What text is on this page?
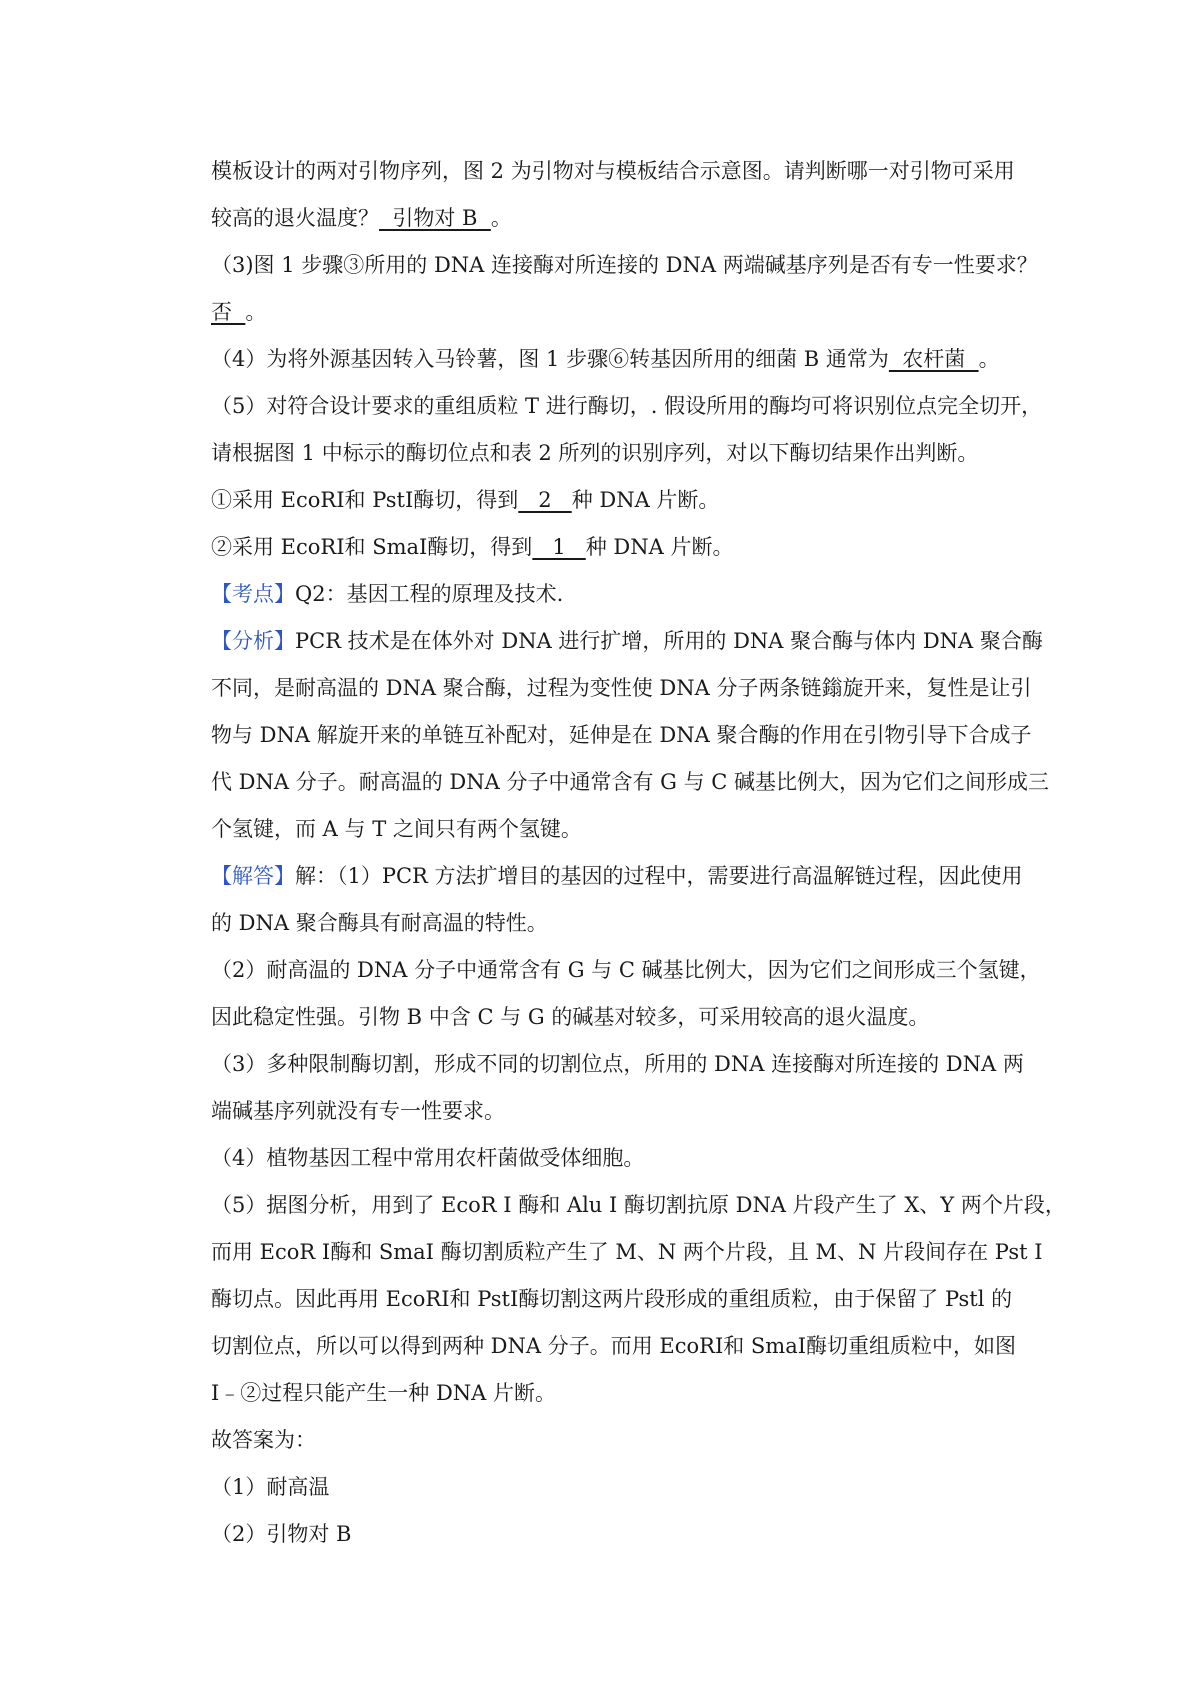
模板设计的两对引物序列，图 2 为引物对与模板结合示意图。请判断哪一对引物可采用
较高的退火温度？  引物对 B  。
（3)图 1 步骤③所用的 DNA 连接酶对所连接的 DNA 两端碱基序列是否有专一性要求？
否  。
（4）为将外源基因转入马铃薯，图 1 步骤⑥转基因所用的细菌 B 通常为  农杆菌  。
（5）对符合设计要求的重组质粒 T 进行酶切，. 假设所用的酶均可将识别位点完全切开，
请根据图 1 中标示的酶切位点和表 2 所列的识别序列，对以下酶切结果作出判断。
①采用 EcoRⅠ和 PstⅠ酶切，得到   2   种 DNA 片断。
②采用 EcoRⅠ和 SmaⅠ酶切，得到   1   种 DNA 片断。
【考点】Q2：基因工程的原理及技术.
【分析】PCR 技术是在体外对 DNA 进行扩增，所用的 DNA 聚合酶与体内 DNA 聚合酶
不同，是耐高温的 DNA 聚合酶，过程为变性使 DNA 分子两条链鎓旋开来，复性是让引
物与 DNA 解旋开来的单链互补配对，延伸是在 DNA 聚合酶的作用在引物引导下合成子
代 DNA 分子。耐高温的 DNA 分子中通常含有 G 与 C 碱基比例大，因为它们之间形成三
个氢键，而 A 与 T 之间只有两个氢键。
【解答】解：（1）PCR 方法扩增目的基因的过程中，需要进行高温解链过程，因此使用
的 DNA 聚合酶具有耐高温的特性。
（2）耐高温的 DNA 分子中通常含有 G 与 C 碱基比例大，因为它们之间形成三个氢键，
因此稳定性强。引物 B 中含 C 与 G 的碱基对较多，可采用较高的退火温度。
（3）多种限制酶切割，形成不同的切割位点，所用的 DNA 连接酶对所连接的 DNA 两
端碱基序列就没有专一性要求。
（4）植物基因工程中常用农杆菌做受体细胞。
（5）据图分析，用到了 EcoR I 酶和 Alu I 酶切割抗原 DNA 片段产生了 X、Y 两个片段，
而用 EcoR Ⅰ酶和 SmaI 酶切割质粒产生了 M、N 两个片段，且 M、N 片段间存在 Pst Ⅰ
酶切点。因此再用 EcoRⅠ和 PstⅠ酶切割这两片段形成的重组质粒，由于保留了 Pstl 的
切割位点，所以可以得到两种 DNA 分子。而用 EcoRⅠ和 SmaⅠ酶切重组质粒中，如图
I﹣②过程只能产生一种 DNA 片断。
故答案为：
（1）耐高温
（2）引物对 B
